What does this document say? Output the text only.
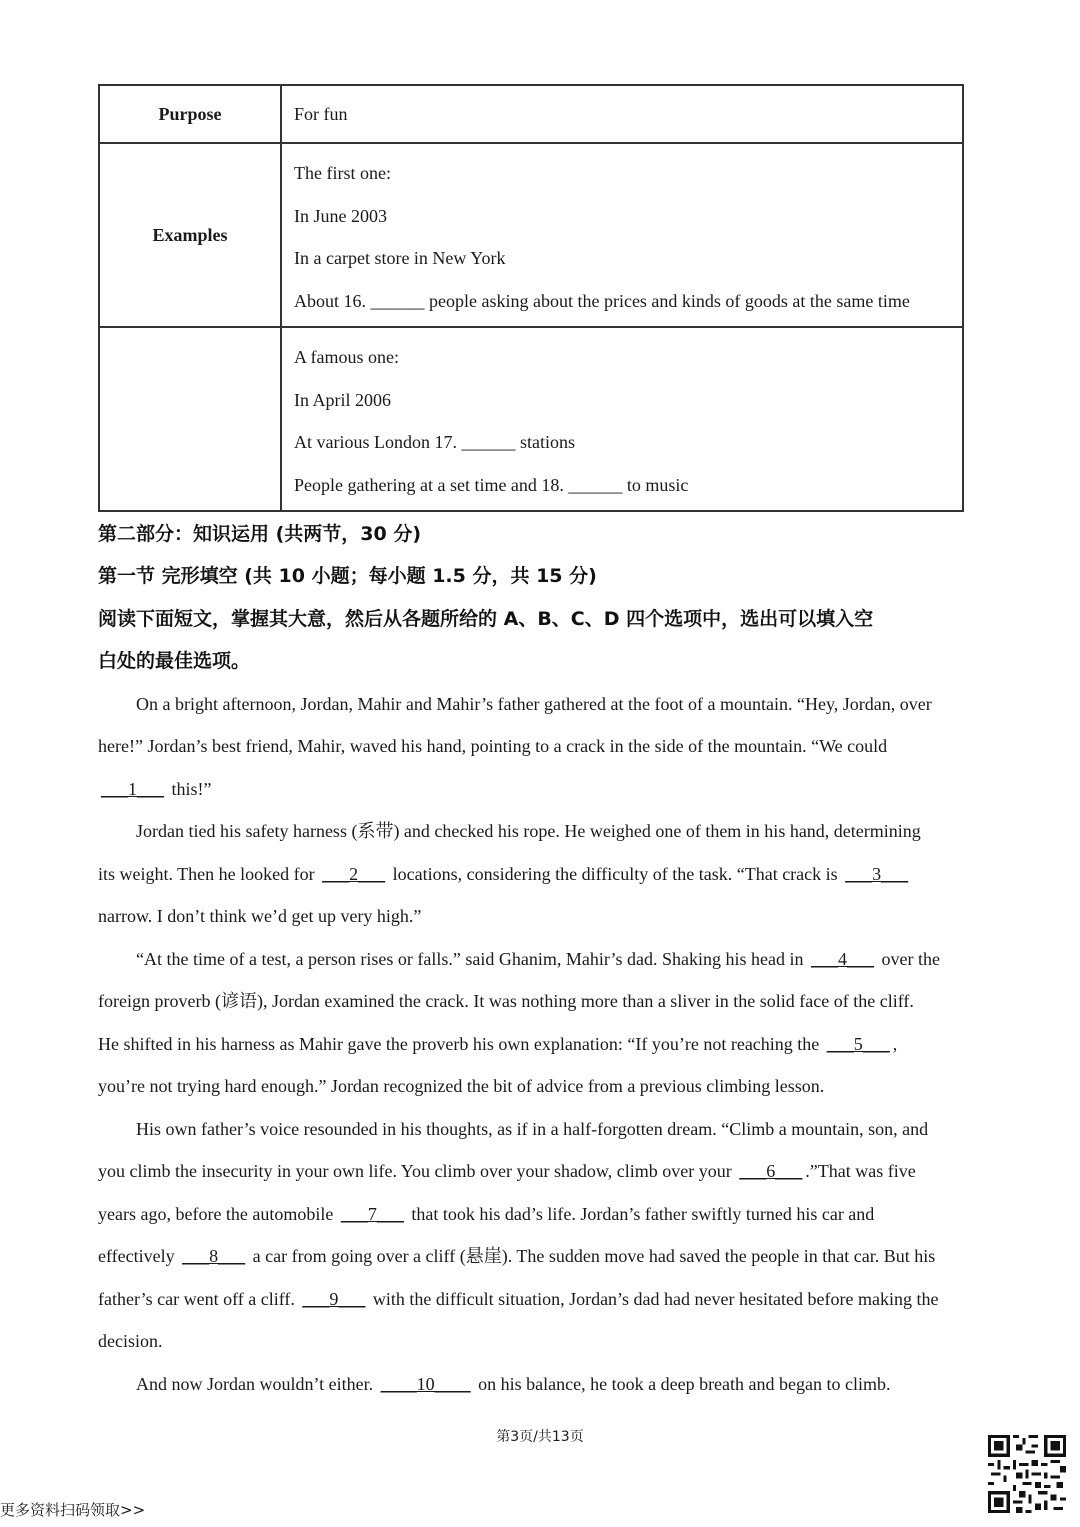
Purpose	For fun
Examples	The first one:
In June 2003
In a carpet store in New York
About 16. ______ people asking about the prices and kinds of goods at the same time

	A famous one:
In April 2006
At various London 17. ______ stations
People gathering at a set time and 18. ______ to music
第二部分：知识运用 (共两节，30 分)
第一节 完形填空 (共 10 小题；每小题 1.5 分，共 15 分)
阅读下面短文，掌握其大意，然后从各题所给的 A、B、C、D 四个选项中，选出可以填入空
白处的最佳选项。
On a bright afternoon, Jordan, Mahir and Mahir’s father gathered at the foot of a mountain. “Hey, Jordan, over
here!” Jordan’s best friend, Mahir, waved his hand, pointing to a crack in the side of the mountain. “We could
___1___ this!”
Jordan tied his safety harness (系带) and checked his rope. He weighed one of them in his hand, determining
its weight. Then he looked for ___2___ locations, considering the difficulty of the task. “That crack is ___3___
narrow. I don’t think we’d get up very high.”
“At the time of a test, a person rises or falls.” said Ghanim, Mahir’s dad. Shaking his head in ___4___ over the
foreign proverb (谚语), Jordan examined the crack. It was nothing more than a sliver in the solid face of the cliff.
He shifted in his harness as Mahir gave the proverb his own explanation: “If you’re not reaching the ___5___ ,
you’re not trying hard enough.” Jordan recognized the bit of advice from a previous climbing lesson.
His own father’s voice resounded in his thoughts, as if in a half-forgotten dream. “Climb a mountain, son, and
you climb the insecurity in your own life. You climb over your shadow, climb over your ___6___ .”That was five
years ago, before the automobile ___7___ that took his dad’s life. Jordan’s father swiftly turned his car and
effectively ___8___ a car from going over a cliff (悬崖). The sudden move had saved the people in that car. But his
father’s car went off a cliff. ___9___ with the difficult situation, Jordan’s dad had never hesitated before making the
decision.
And now Jordan wouldn’t either. ____10____ on his balance, he took a deep breath and began to climb.
第3页/共13页
更多资料扫码领取>>
